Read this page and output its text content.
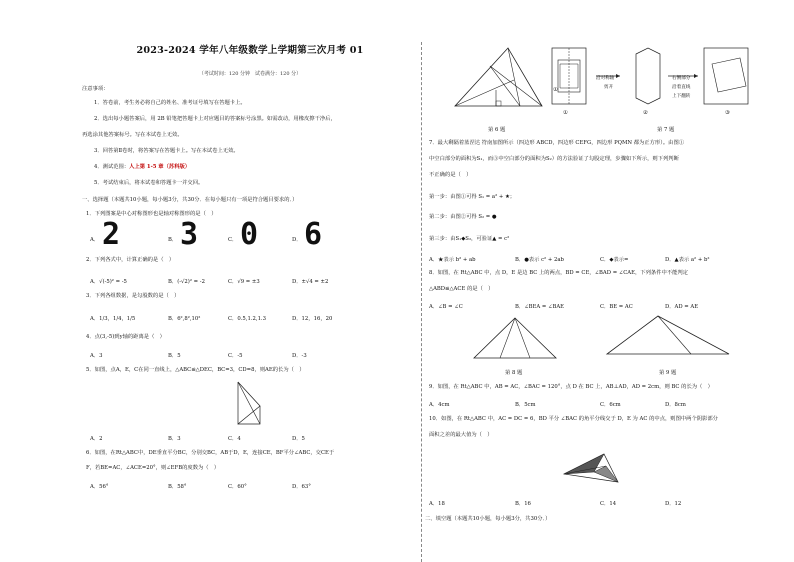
2023-2024 学年八年级数学上学期第三次月考 01
（考试时间：120 分钟　试卷满分：120 分）
注意事项：
1．答卷前，考生务必将自己的姓名、准考证号填写在答题卡上。
2．选出每小题答案后，用 2B 铅笔把答题卡上对应题目的答案标号涂黑。如需改动，用橡皮擦干净后，
再选涂其他答案标号。写在本试卷上无效。
3．回答第Ⅱ卷时，将答案写在答题卡上。写在本试卷上无效。
4．测试范围：人上第 1-5 章（苏科版）
5．考试结束后，将本试卷和答题卡一并交回。
一、选择题（本题共10小题，每小题3分，共30分．在每小题只有一项是符合题目要求的．）
1．下列图案是中心对称图形也是轴对称图形的是（　）
A． 2	B． 3	C． 0	D． 6
2．下列各式中，计算正确的是（　）
A．√(-5)² = -5	B．(-√2)² = -2	C．√9 = ±3	D．±√4 = ±2
3．下列各组数据，是勾股数的是（　）
A．1/3，1/4，1/5	B．6²,8²,10²	C．0.5,1.2,1.3	D．12，16，20
4．点(3,-5)到y轴的距离是（　）
A．3	B．5	C．-5	D．-3
5．如图，点A，E，C在同一直线上，△ABC≌△DEC，BC=3，CD=8，则AE的长为（　）
A．2	B．3	C．4	D．5
6．如图，在Rt△ABC中，DE垂直平分BC，分别交BC，AB于D，E，连接CE，BF平分∠ABC，交CE于
F，若BE=AC，∠ACE=20°，则∠EFB的度数为（　）
A．56°	B．58°	C．60°	D．63°
第 6 题
①
沿对称轴
剪开
②
右侧部分
沿着直线
上下翻转
③
①
第 7 题
7．最大剩隔着蓝涅达 符南加图所示（四边形 ABCD，四边形 CEFG，四边形 PQMN 都为正方形）。由图①
中空白部分的面积为S₁，而③中空白部分的面积为S₂）的方法验证了勾股定理，步骤如下所示，则下列判断
不正确的是（　）
第一步：由图①可得 S₁ = a² + ★；
第二步：由图②可得 S₂ = ●
第三步：由S₁◆S₂，可验证▲ = c²
A．★表示 b² + ab	B．●表示 c² + 2ab	C．◆表示=	D．▲表示 a² + b²
8．如图，在 Rt△ABC 中，点 D，E 是边 BC 上的两点，BD = CE，∠BAD = ∠CAE，下列条件中不能判定
△ABD≌△ACE 的是（　）
A．∠B = ∠C	B．∠BEA = ∠BAE	C．BE = AC	D．AD = AE
第 8 题	第 9 题
9．如图，在 Rt△ABC 中，AB = AC，∠BAC = 120°，点 D 在 BC 上，AB⊥AD，AD = 2cm，则 BC 的长为（　）
A．4cm	B．5cm	C．6cm	D．8cm
10．如图，在 Rt△ABC 中，AC = DC = 6，BD 平分 ∠BAC 的角平分线交于 D，E 为 AC 的中点，则图中两个阴影部分
面积之差的最大值为（　）
A．18	B．16	C．14	D．12
二、填空题（本题共10小题，每小题3分，共30分．）
